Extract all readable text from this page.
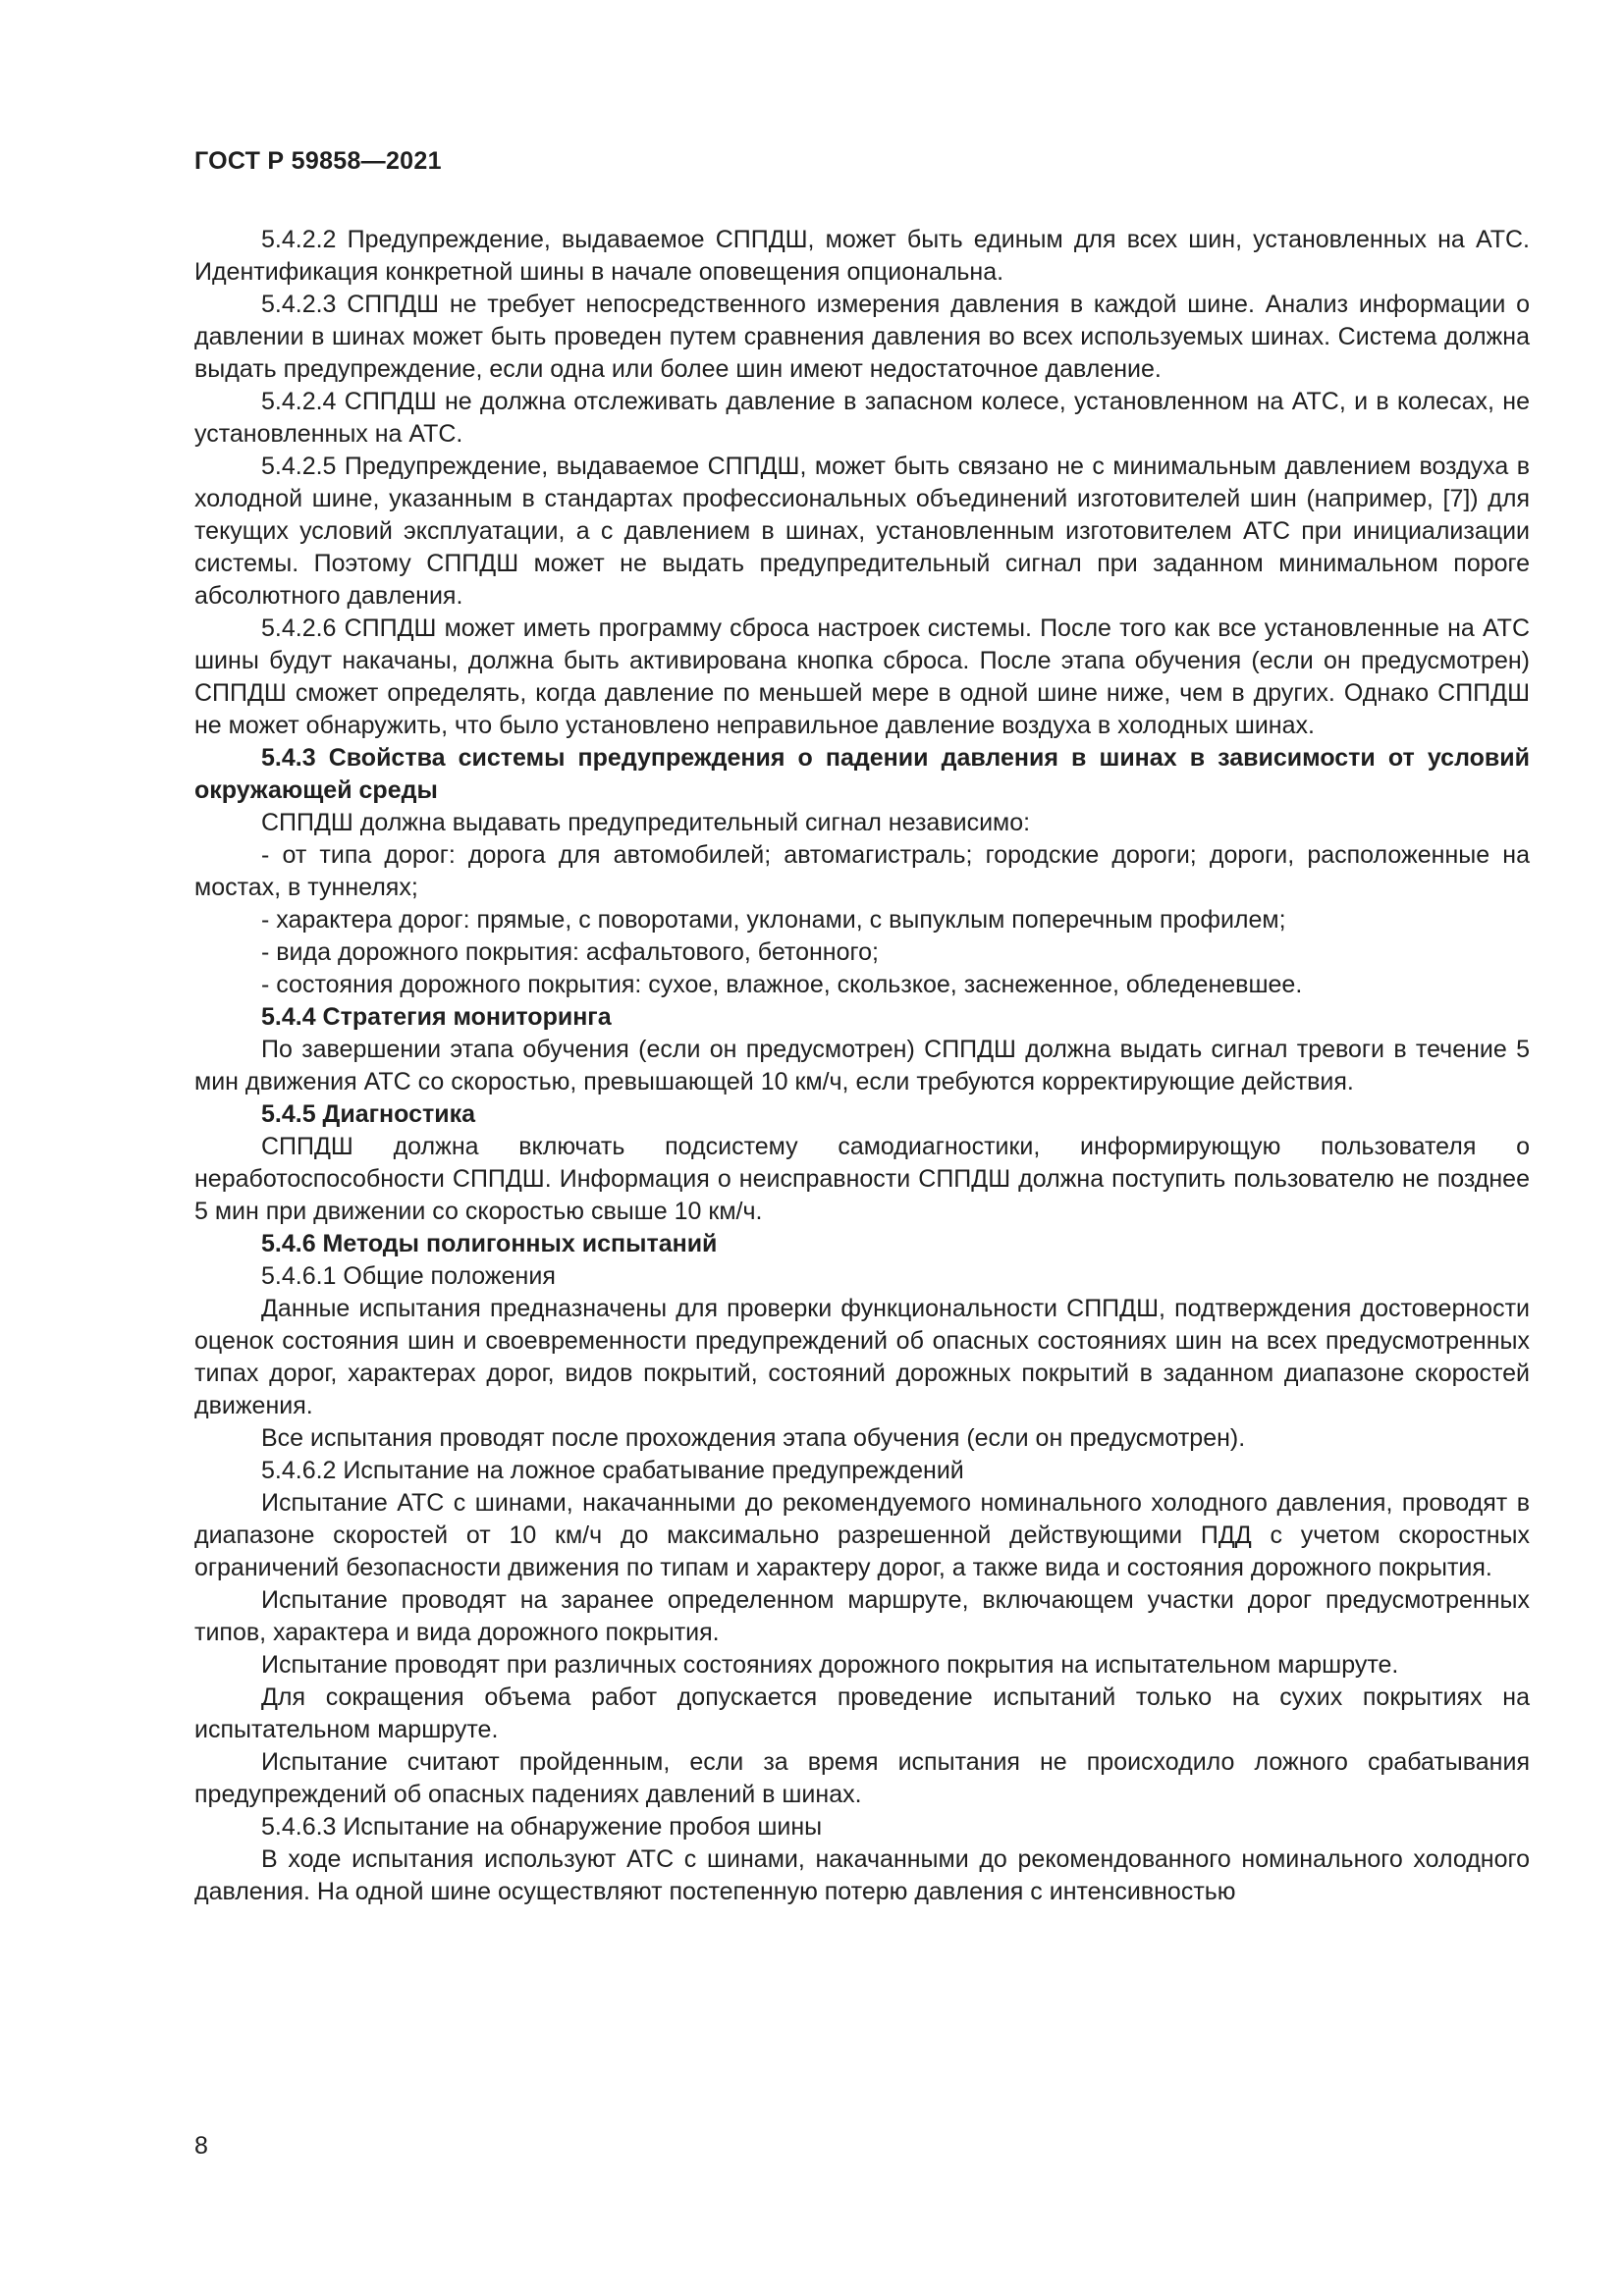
ГОСТ Р 59858—2021

5.4.2.2 Предупреждение, выдаваемое СППДШ, может быть единым для всех шин, установленных на АТС. Идентификация конкретной шины в начале оповещения опциональна.

5.4.2.3 СППДШ не требует непосредственного измерения давления в каждой шине. Анализ информации о давлении в шинах может быть проведен путем сравнения давления во всех используемых шинах. Система должна выдать предупреждение, если одна или более шин имеют недостаточное давление.

5.4.2.4 СППДШ не должна отслеживать давление в запасном колесе, установленном на АТС, и в колесах, не установленных на АТС.

5.4.2.5 Предупреждение, выдаваемое СППДШ, может быть связано не с минимальным давлением воздуха в холодной шине, указанным в стандартах профессиональных объединений изготовителей шин (например, [7]) для текущих условий эксплуатации, а с давлением в шинах, установленным изготовителем АТС при инициализации системы. Поэтому СППДШ может не выдать предупредительный сигнал при заданном минимальном пороге абсолютного давления.

5.4.2.6 СППДШ может иметь программу сброса настроек системы. После того как все установленные на АТС шины будут накачаны, должна быть активирована кнопка сброса. После этапа обучения (если он предусмотрен) СППДШ сможет определять, когда давление по меньшей мере в одной шине ниже, чем в других. Однако СППДШ не может обнаружить, что было установлено неправильное давление воздуха в холодных шинах.

5.4.3 Свойства системы предупреждения о падении давления в шинах в зависимости от условий окружающей среды

СППДШ должна выдавать предупредительный сигнал независимо:

- от типа дорог: дорога для автомобилей; автомагистраль; городские дороги; дороги, расположенные на мостах, в туннелях;

- характера дорог: прямые, с поворотами, уклонами, с выпуклым поперечным профилем;

- вида дорожного покрытия: асфальтового, бетонного;

- состояния дорожного покрытия: сухое, влажное, скользкое, заснеженное, обледеневшее.

5.4.4 Стратегия мониторинга

По завершении этапа обучения (если он предусмотрен) СППДШ должна выдать сигнал тревоги в течение 5 мин движения АТС со скоростью, превышающей 10 км/ч, если требуются корректирующие действия.

5.4.5 Диагностика

СППДШ должна включать подсистему самодиагностики, информирующую пользователя о неработоспособности СППДШ. Информация о неисправности СППДШ должна поступить пользователю не позднее 5 мин при движении со скоростью свыше 10 км/ч.

5.4.6 Методы полигонных испытаний

5.4.6.1 Общие положения

Данные испытания предназначены для проверки функциональности СППДШ, подтверждения достоверности оценок состояния шин и своевременности предупреждений об опасных состояниях шин на всех предусмотренных типах дорог, характерах дорог, видов покрытий, состояний дорожных покрытий в заданном диапазоне скоростей движения.

Все испытания проводят после прохождения этапа обучения (если он предусмотрен).

5.4.6.2 Испытание на ложное срабатывание предупреждений

Испытание АТС с шинами, накачанными до рекомендуемого номинального холодного давления, проводят в диапазоне скоростей от 10 км/ч до максимально разрешенной действующими ПДД с учетом скоростных ограничений безопасности движения по типам и характеру дорог, а также вида и состояния дорожного покрытия.

Испытание проводят на заранее определенном маршруте, включающем участки дорог предусмотренных типов, характера и вида дорожного покрытия.

Испытание проводят при различных состояниях дорожного покрытия на испытательном маршруте.

Для сокращения объема работ допускается проведение испытаний только на сухих покрытиях на испытательном маршруте.

Испытание считают пройденным, если за время испытания не происходило ложного срабатывания предупреждений об опасных падениях давлений в шинах.

5.4.6.3 Испытание на обнаружение пробоя шины

В ходе испытания используют АТС с шинами, накачанными до рекомендованного номинального холодного давления. На одной шине осуществляют постепенную потерю давления с интенсивностью

8
